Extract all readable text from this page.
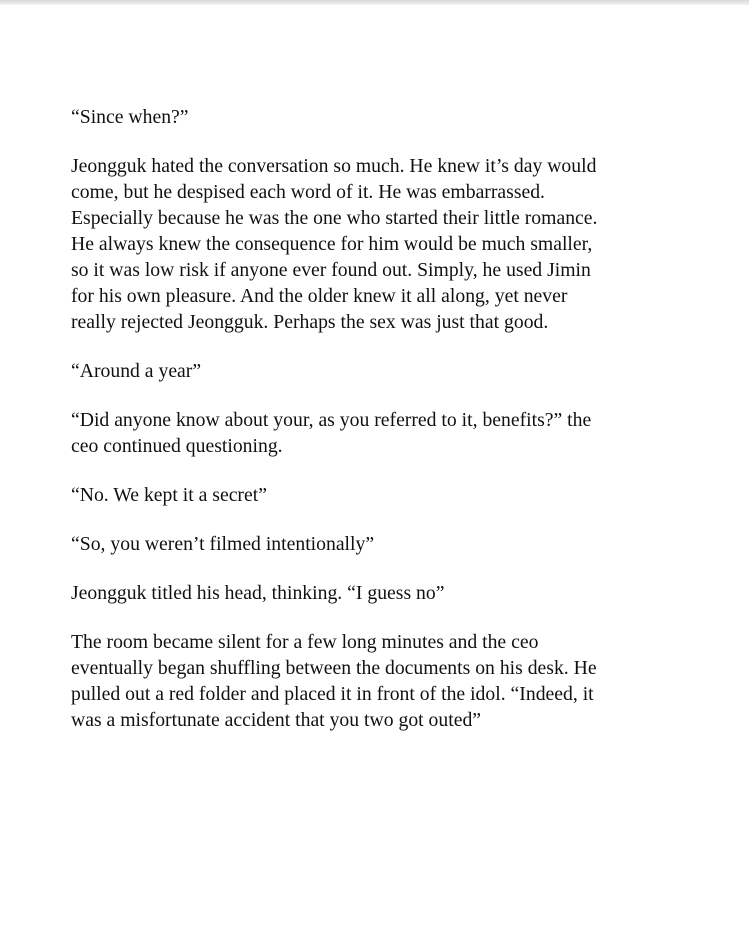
“Since when?”

Jeongguk hated the conversation so much. He knew it’s day would
come, but he despised each word of it. He was embarrassed.
Especially because he was the one who started their little romance.
He always knew the consequence for him would be much smaller,
so it was low risk if anyone ever found out. Simply, he used Jimin
for his own pleasure. And the older knew it all along, yet never
really rejected Jeongguk. Perhaps the sex was just that good.

“Around a year”

“Did anyone know about your, as you referred to it, benefits?” the
ceo continued questioning.

“No. We kept it a secret”

“So, you weren’t filmed intentionally”

Jeongguk titled his head, thinking. “I guess no”

The room became silent for a few long minutes and the ceo
eventually began shuffling between the documents on his desk. He
pulled out a red folder and placed it in front of the idol. “Indeed, it
was a misfortunate accident that you two got outed”
